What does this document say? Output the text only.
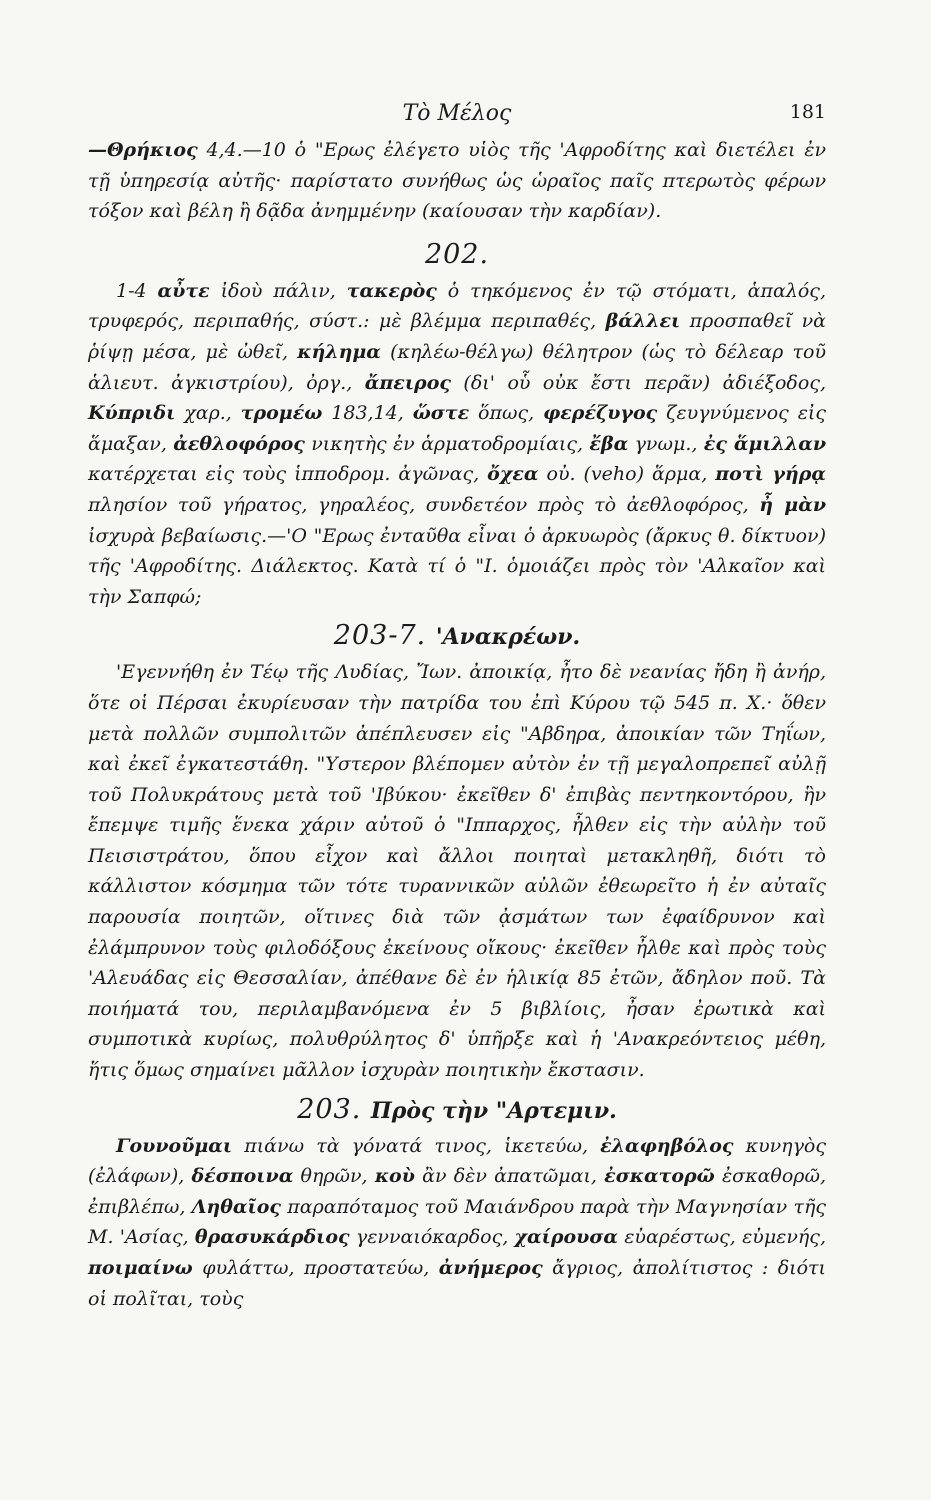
Τὸ Μέλος	181

—Θρήκιος 4,4.—10 ὁ "Ερως ἐλέγετο υἱὸς τῆς 'Αφροδίτης καὶ διετέλει ἐν τῇ ὑπηρεσίᾳ αὐτῆς· παρίστατο συνήθως ὡς ὡραῖος παῖς πτερωτὸς φέρων τόξον καὶ βέλη ἢ δᾷδα ἀνημμένην (καίουσαν τὴν καρδίαν).

202.

1-4 αὖτε ἰδοὺ πάλιν, τακερὸς ὁ τηκόμενος ἐν τῷ στόματι, ἁπαλός, τρυφερός, περιπαθής, σύστ.: μὲ βλέμμα περιπαθές, βάλλει προσπαθεῖ νὰ ῥίψῃ μέσα, μὲ ὠθεῖ, κήλημα (κηλέω-θέλγω) θέλητρον (ὡς τὸ δέλεαρ τοῦ ἁλιευτ. ἀγκιστρίου), ὀργ., ἄπειρος (δι' οὗ οὐκ ἔστι περᾶν) ἀδιέξοδος, Κύπριδι χαρ., τρομέω 183,14, ὥστε ὅπως, φερέζυγος ζευγνύμενος εἰς ἅμαξαν, ἀεθλοφόρος νικητὴς ἐν ἁρματοδρομίαις, ἔβα γνωμ., ἐς ἅμιλλαν κατέρχεται εἰς τοὺς ἱπποδρομ. ἀγῶνας, ὄχεα οὐ. (vehо) ἅρμα, ποτὶ γήρᾳ πλησίον τοῦ γήρατος, γηραλέος, συνδετέον πρὸς τὸ ἀεθλοφόρος, ἦ μὰν ἰσχυρὰ βεβαίωσις.—'Ο "Ερως ἐνταῦθα εἶναι ὁ ἀρκυωρὸς (ἄρκυς θ. δίκτυον) τῆς 'Αφροδίτης. Διάλεκτος. Κατὰ τί ὁ "Ι. ὁμοιάζει πρὸς τὸν 'Αλκαῖον καὶ τὴν Σαπφώ;

203-7. 'Ανακρέων.

'Εγεννήθη ἐν Τέῳ τῆς Λυδίας, Ἴων. ἀποικίᾳ, ἦτο δὲ νεανίας ἤδη ἢ ἀνήρ, ὅτε οἱ Πέρσαι ἐκυρίευσαν τὴν πατρίδα του ἐπὶ Κύρου τῷ 545 π. Χ.· ὅθεν μετὰ πολλῶν συμπολιτῶν ἀπέπλευσεν εἰς "Αβδηρα, ἀποικίαν τῶν Τηΐων, καὶ ἐκεῖ ἐγκατεστάθη. "Υστερον βλέπομεν αὐτὸν ἐν τῇ μεγαλοπρεπεῖ αὐλῇ τοῦ Πολυκράτους μετὰ τοῦ 'Ιβύκου· ἐκεῖθεν δ' ἐπιβὰς πεντηκοντόρου, ἣν ἔπεμψε τιμῆς ἕνεκα χάριν αὐτοῦ ὁ "Ιππαρχος, ἦλθεν εἰς τὴν αὐλὴν τοῦ Πεισιστράτου, ὅπου εἶχον καὶ ἄλλοι ποιηταὶ μετακληθῆ, διότι τὸ κάλλιστον κόσμημα τῶν τότε τυραννικῶν αὐλῶν ἐθεωρεῖτο ἡ ἐν αὐταῖς παρουσία ποιητῶν, οἵτινες διὰ τῶν ᾀσμάτων των ἐφαίδρυνον καὶ ἐλάμπρυνον τοὺς φιλοδόξους ἐκείνους οἴκους· ἐκεῖθεν ἦλθε καὶ πρὸς τοὺς 'Αλευάδας εἰς Θεσσαλίαν, ἀπέθανε δὲ ἐν ἡλικίᾳ 85 ἐτῶν, ἄδηλον ποῦ. Τὰ ποιήματά του, περιλαμβανόμενα ἐν 5 βιβλίοις, ἦσαν ἐρωτικὰ καὶ συμποτικὰ κυρίως, πολυθρύλητος δ' ὑπῆρξε καὶ ἡ 'Ανακρεόντειος μέθη, ἥτις ὅμως σημαίνει μᾶλλον ἰσχυρὰν ποιητικὴν ἔκστασιν.

203. Πρὸς τὴν "Αρτεμιν.

Γουνοῦμαι πιάνω τὰ γόνατά τινος, ἱκετεύω, ἐλαφηβόλος κυνηγὸς (ἐλάφων), δέσποινα θηρῶν, κοὺ ἂν δὲν ἀπατῶμαι, ἐσκατορῶ ἐσκαθορῶ, ἐπιβλέπω, Ληθαῖος παραπόταμος τοῦ Μαιάνδρου παρὰ τὴν Μαγνησίαν τῆς Μ. 'Ασίας, θρασυκάρδιος γενναιόκαρδος, χαίρουσα εὐαρέστως, εὐμενής, ποιμαίνω φυλάττω, προστατεύω, ἀνήμερος ἄγριος, ἀπολίτιστος : διότι οἱ πολῖται, τοὺς
